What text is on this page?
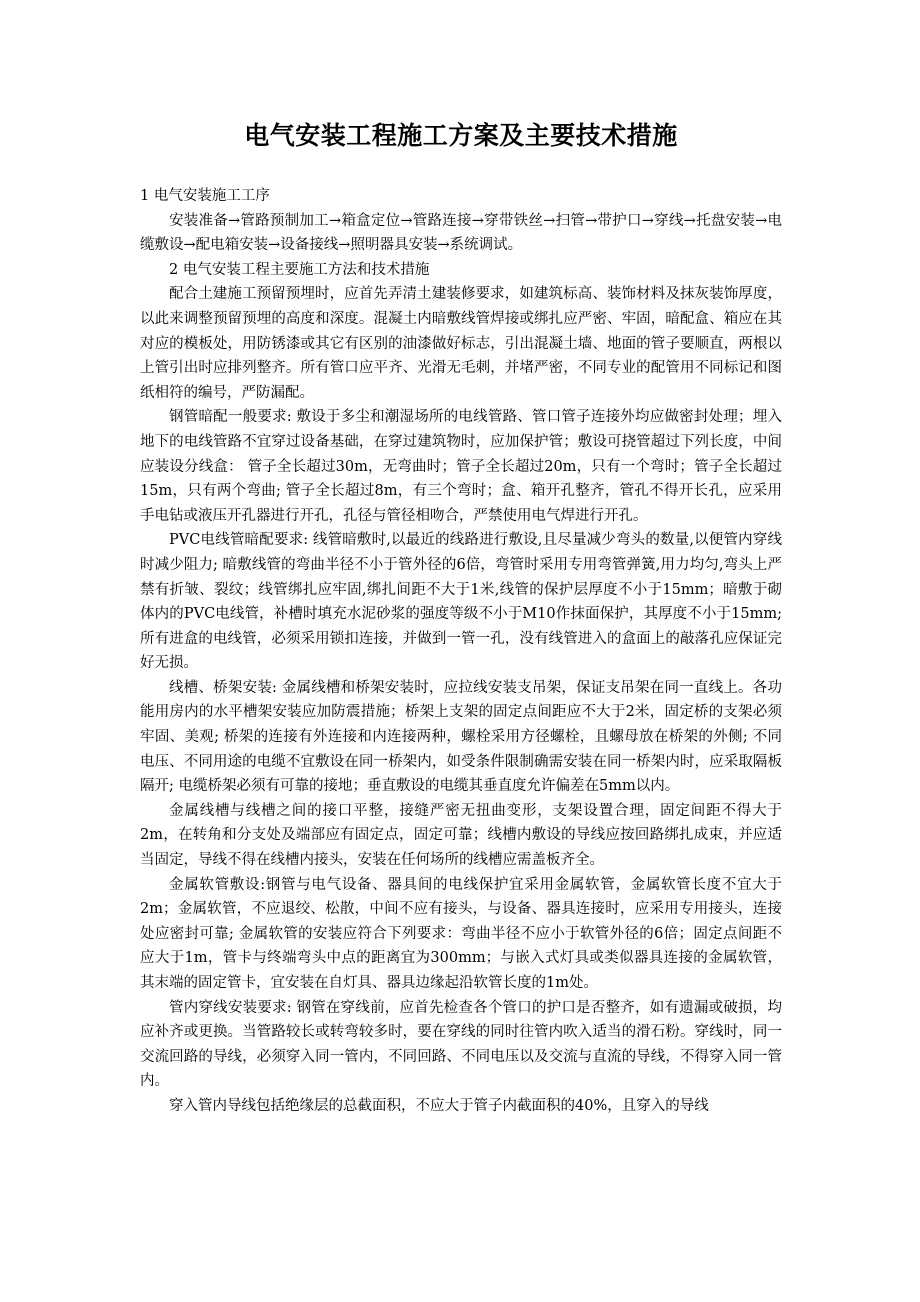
电气安装工程施工方案及主要技术措施

1 电气安装施工工序

安装准备→管路预制加工→箱盒定位→管路连接→穿带铁丝→扫管→带护口→穿线→托盘安装→电缆敷设→配电箱安装→设备接线→照明器具安装→系统调试。

2 电气安装工程主要施工方法和技术措施

配合土建施工预留预埋时，应首先弄清土建装修要求，如建筑标高、装饰材料及抹灰装饰厚度，以此来调整预留预埋的高度和深度。混凝土内暗敷线管焊接或绑扎应严密、牢固，暗配盒、箱应在其对应的模板处，用防锈漆或其它有区别的油漆做好标志，引出混凝土墙、地面的管子要顺直，两根以上管引出时应排列整齐。所有管口应平齐、光滑无毛刺，并堵严密，不同专业的配管用不同标记和图纸相符的编号，严防漏配。

钢管暗配一般要求: 敷设于多尘和潮湿场所的电线管路、管口管子连接外均应做密封处理；埋入地下的电线管路不宜穿过设备基础，在穿过建筑物时，应加保护管；敷设可挠管超过下列长度，中间应装设分线盒： 管子全长超过30m，无弯曲时；管子全长超过20m，只有一个弯时；管子全长超过15m，只有两个弯曲; 管子全长超过8m，有三个弯时；盒、箱开孔整齐，管孔不得开长孔，应采用手电钻或液压开孔器进行开孔，孔径与管径相吻合，严禁使用电气焊进行开孔。

PVC电线管暗配要求: 线管暗敷时,以最近的线路进行敷设,且尽量减少弯头的数量,以便管内穿线时减少阻力; 暗敷线管的弯曲半径不小于管外径的6倍，弯管时采用专用弯管弹簧,用力均匀,弯头上严禁有折皱、裂纹；线管绑扎应牢固,绑扎间距不大于1米,线管的保护层厚度不小于15mm；暗敷于砌体内的PVC电线管，补槽时填充水泥砂浆的强度等级不小于M10作抹面保护，其厚度不小于15mm; 所有进盒的电线管，必须采用锁扣连接，并做到一管一孔，没有线管进入的盒面上的敲落孔应保证完好无损。

线槽、桥架安装: 金属线槽和桥架安装时，应拉线安装支吊架，保证支吊架在同一直线上。各功能用房内的水平槽架安装应加防震措施；桥架上支架的固定点间距应不大于2米，固定桥的支架必须牢固、美观; 桥架的连接有外连接和内连接两种，螺栓采用方径螺栓，且螺母放在桥架的外侧; 不同电压、不同用途的电缆不宜敷设在同一桥架内，如受条件限制确需安装在同一桥架内时，应采取隔板隔开; 电缆桥架必须有可靠的接地；垂直敷设的电缆其垂直度允许偏差在5mm以内。

金属线槽与线槽之间的接口平整，接缝严密无扭曲变形，支架设置合理，固定间距不得大于2m，在转角和分支处及端部应有固定点，固定可靠；线槽内敷设的导线应按回路绑扎成束，并应适当固定，导线不得在线槽内接头，安装在任何场所的线槽应需盖板齐全。

金属软管敷设:钢管与电气设备、器具间的电线保护宜采用金属软管，金属软管长度不宜大于2m；金属软管，不应退绞、松散，中间不应有接头，与设备、器具连接时，应采用专用接头，连接处应密封可靠; 金属软管的安装应符合下列要求：弯曲半径不应小于软管外径的6倍；固定点间距不应大于1m，管卡与终端弯头中点的距离宜为300mm；与嵌入式灯具或类似器具连接的金属软管，其末端的固定管卡，宜安装在自灯具、器具边缘起沿软管长度的1m处。

管内穿线安装要求: 钢管在穿线前，应首先检查各个管口的护口是否整齐，如有遗漏或破损，均应补齐或更换。当管路较长或转弯较多时，要在穿线的同时往管内吹入适当的滑石粉。穿线时，同一交流回路的导线，必须穿入同一管内，不同回路、不同电压以及交流与直流的导线，不得穿入同一管内。

穿入管内导线包括绝缘层的总截面积，不应大于管子内截面积的40%，且穿入的导线
